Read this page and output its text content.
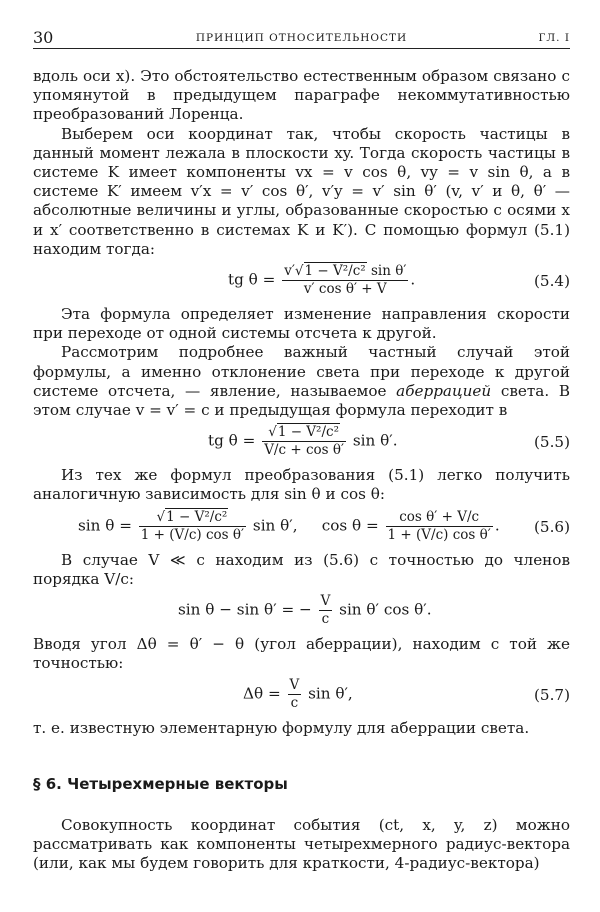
30	ПРИНЦИП ОТНОСИТЕЛЬНОСТИ	ГЛ. I

вдоль оси x). Это обстоятельство естественным образом связано с упомянутой в предыдущем параграфе некоммутативностью преобразований Лоренца.

Выберем оси координат так, чтобы скорость частицы в данный момент лежала в плоскости xy. Тогда скорость частицы в системе K имеет компоненты vx = v cos θ, vy = v sin θ, а в системе K′ имеем v′x = v′ cos θ′, v′y = v′ sin θ′ (v, v′ и θ, θ′ — абсолютные величины и углы, образованные скоростью с осями x и x′ соответственно в системах K и K′). С помощью формул (5.1) находим тогда:

tg $\theta = \frac{\text{v′√1 − V²/c² sin θ′}}{\text{v′ cos θ′ + V}}$ .	(5.4)

Эта формула определяет изменение направления скорости при переходе от одной системы отсчета к другой.

Рассмотрим подробнее важный частный случай этой формулы, а именно отклонение света при переходе к другой системе отсчета, — явление, называемое аберрацией света. В этом случае v = v′ = c и предыдущая формула переходит в

tg $\theta = \frac{\text{√1 − V²/c²}}{\text{V/c + cos θ′}}$ sin θ′.	(5.5)

Из тех же формул преобразования (5.1) легко получить аналогичную зависимость для sin θ и cos θ:

$\sin \theta = \frac{\text{√1 − V²/c²}}{\text{1 + (V/c) cos θ′}}$ sin θ′, $\cos \theta = \frac{\text{cos θ′ + V/c}}{\text{1 + (V/c) cos θ′}}$ . (5.6)

В случае V ≪ c находим из (5.6) с точностью до членов порядка V/c:

sin θ − sin θ′ = − $\frac{V}{c}$ sin θ′ cos θ′.

Вводя угол Δθ = θ′ − θ (угол аберрации), находим с той же точностью:

$\Delta\theta = \frac{V}{c}$ sin θ′,	(5.7)

т. е. известную элементарную формулу для аберрации света.

§ 6. Четырехмерные векторы

Совокупность координат события (ct, x, y, z) можно рассматривать как компоненты четырехмерного радиус-вектора (или, как мы будем говорить для краткости, 4-радиус-вектора)
